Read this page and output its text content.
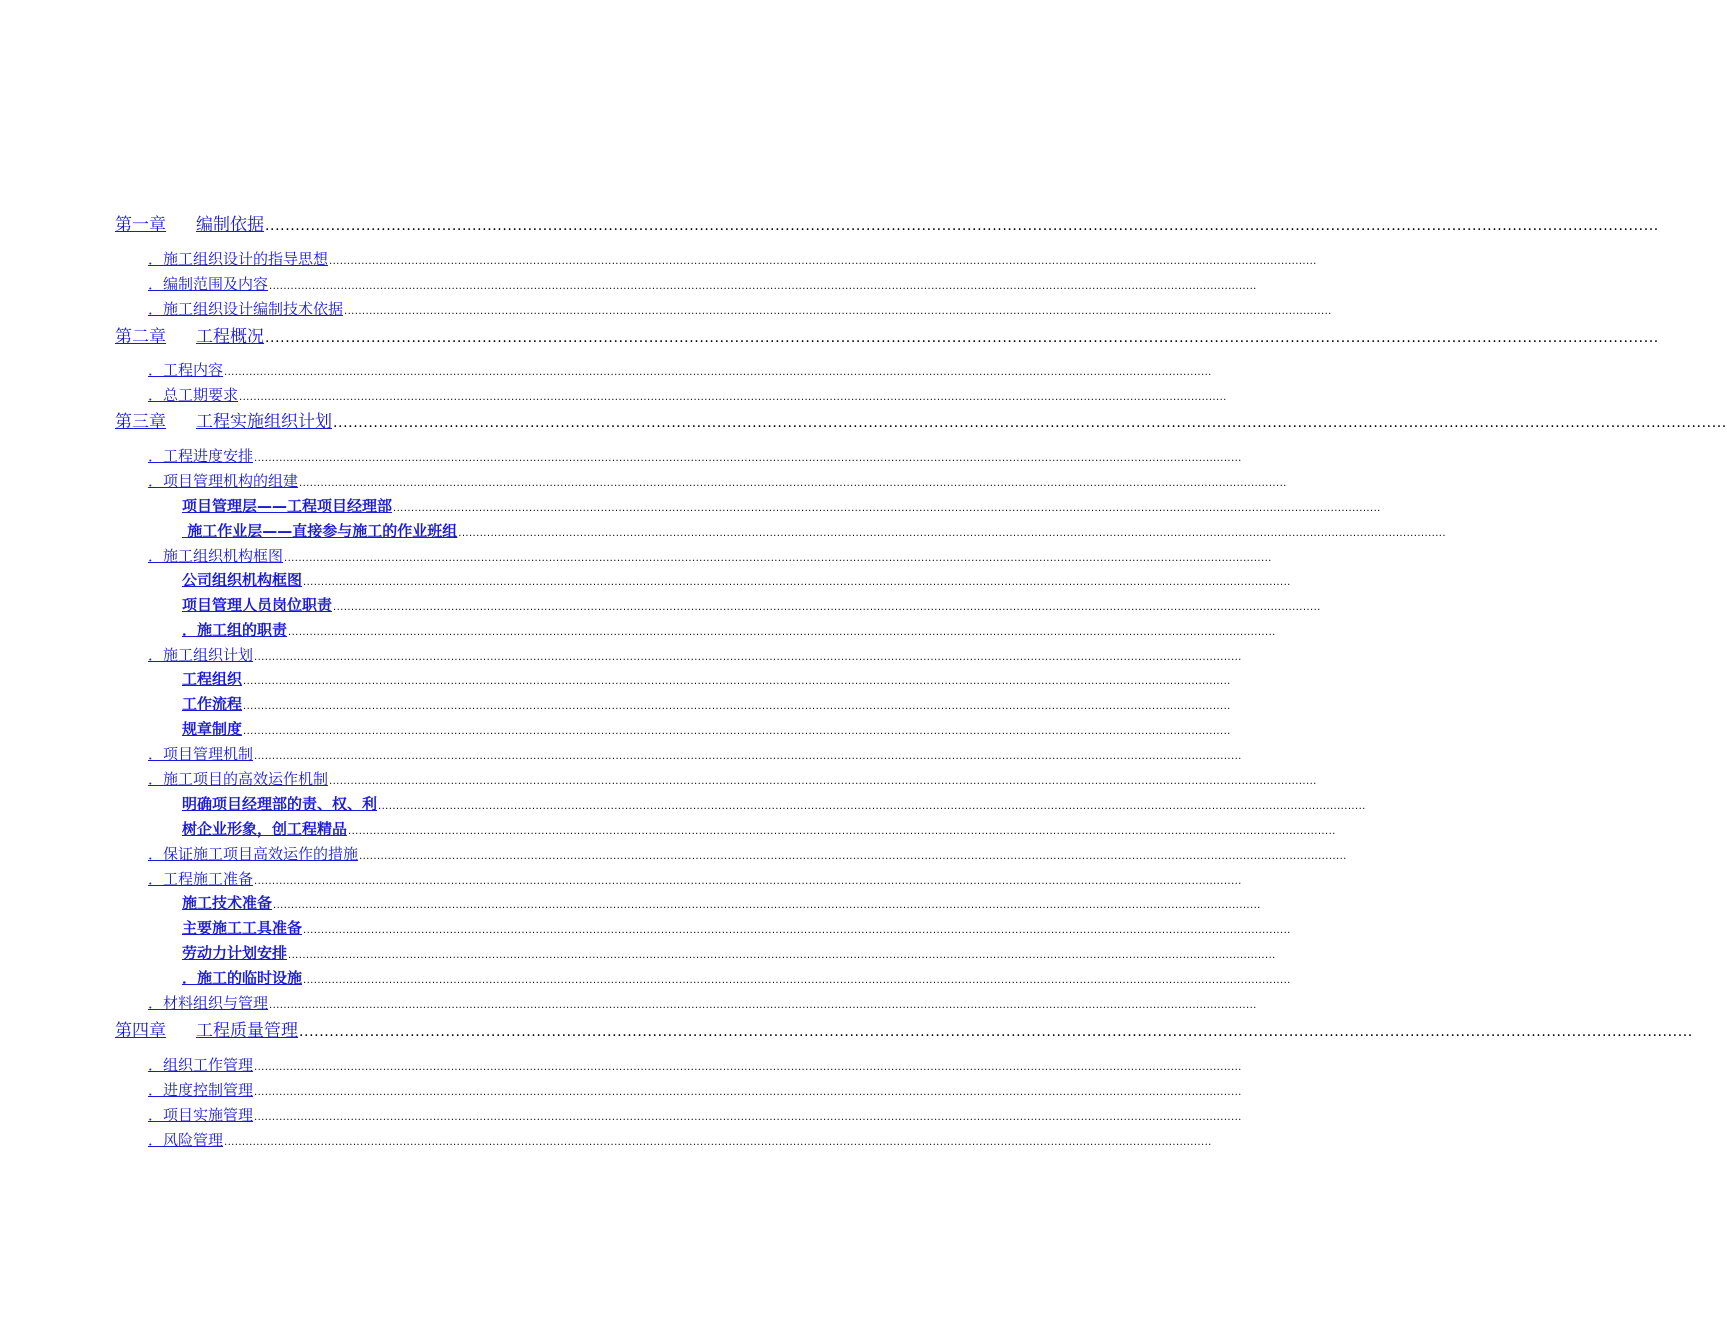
第一章 编制依据 ....................................................................................................................................................................................................................................................................................
．施工组织设计的指导思想 ....................................................................................................................................................................................................................................................................................
．编制范围及内容 ....................................................................................................................................................................................................................................................................................
．施工组织设计编制技术依据 ....................................................................................................................................................................................................................................................................................
第二章 工程概况 ....................................................................................................................................................................................................................................................................................
．工程内容 ....................................................................................................................................................................................................................................................................................
．总工期要求 ....................................................................................................................................................................................................................................................................................
第三章 工程实施组织计划 ....................................................................................................................................................................................................................................................................................
．工程进度安排 ....................................................................................................................................................................................................................................................................................
．项目管理机构的组建 ....................................................................................................................................................................................................................................................................................
项目管理层——工程项目经理部 ....................................................................................................................................................................................................................................................................................
施工作业层——直接参与施工的作业班组 ....................................................................................................................................................................................................................................................................................
．施工组织机构框图 ....................................................................................................................................................................................................................................................................................
公司组织机构框图 ....................................................................................................................................................................................................................................................................................
项目管理人员岗位职责 ....................................................................................................................................................................................................................................................................................
．施工组的职责 ....................................................................................................................................................................................................................................................................................
．施工组织计划 ....................................................................................................................................................................................................................................................................................
工程组织 ....................................................................................................................................................................................................................................................................................
工作流程 ....................................................................................................................................................................................................................................................................................
规章制度 ....................................................................................................................................................................................................................................................................................
．项目管理机制 ....................................................................................................................................................................................................................................................................................
．施工项目的高效运作机制 ....................................................................................................................................................................................................................................................................................
明确项目经理部的责、权、利 ....................................................................................................................................................................................................................................................................................
树企业形象，创工程精品 ....................................................................................................................................................................................................................................................................................
．保证施工项目高效运作的措施 ....................................................................................................................................................................................................................................................................................
．工程施工准备 ....................................................................................................................................................................................................................................................................................
施工技术准备 ....................................................................................................................................................................................................................................................................................
主要施工工具准备 ....................................................................................................................................................................................................................................................................................
劳动力计划安排 ....................................................................................................................................................................................................................................................................................
．施工的临时设施 ....................................................................................................................................................................................................................................................................................
．材料组织与管理 ....................................................................................................................................................................................................................................................................................
第四章 工程质量管理 ....................................................................................................................................................................................................................................................................................
．组织工作管理 ....................................................................................................................................................................................................................................................................................
．进度控制管理 ....................................................................................................................................................................................................................................................................................
．项目实施管理 ....................................................................................................................................................................................................................................................................................
．风险管理 ....................................................................................................................................................................................................................................................................................
